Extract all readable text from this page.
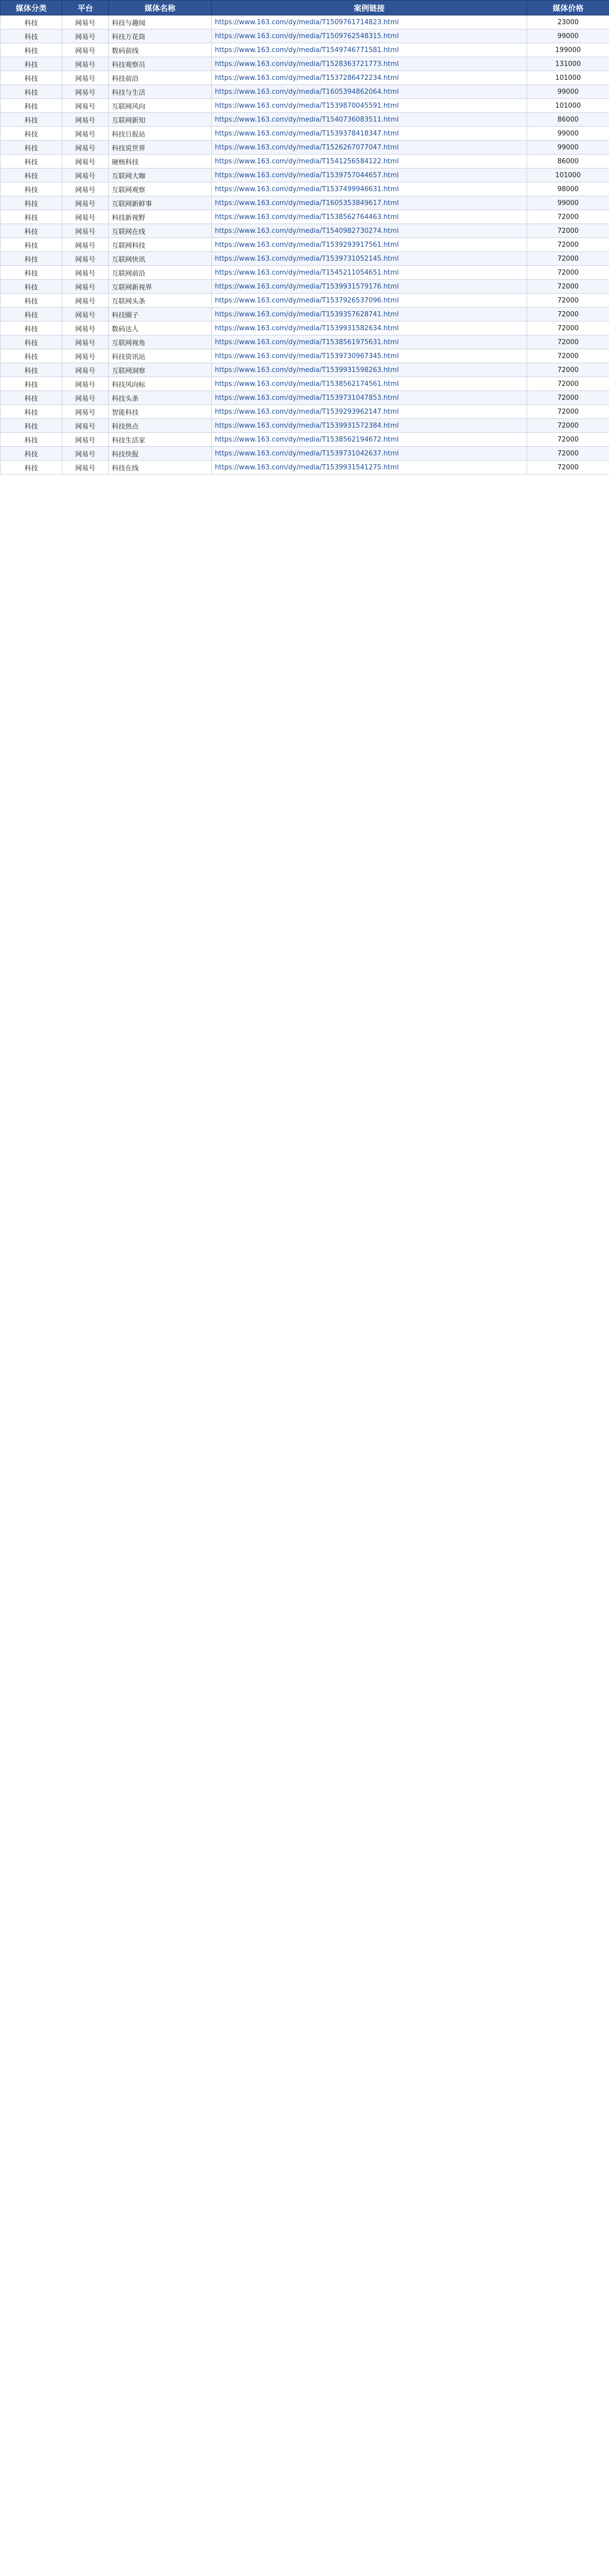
媒体分类	平台	媒体名称	案例链接	媒体价格
科技	网易号	科技与趣闻	https://www.163.com/dy/media/T1509761714823.html	23000
科技	网易号	科技万花筒	https://www.163.com/dy/media/T1509762548315.html	99000
科技	网易号	数码前线	https://www.163.com/dy/media/T1549746771581.html	199000
科技	网易号	科技观察员	https://www.163.com/dy/media/T1528363721773.html	131000
科技	网易号	科技前沿	https://www.163.com/dy/media/T1537286472234.html	101000
科技	网易号	科技与生活	https://www.163.com/dy/media/T1605394862064.html	99000
科技	网易号	互联网风向	https://www.163.com/dy/media/T1539870045591.html	101000
科技	网易号	互联网新知	https://www.163.com/dy/media/T1540736083511.html	86000
科技	网易号	科技日报站	https://www.163.com/dy/media/T1539378418347.html	99000
科技	网易号	科技说世界	https://www.163.com/dy/media/T1526267077047.html	99000
科技	网易号	硬核科技	https://www.163.com/dy/media/T1541256584122.html	86000
科技	网易号	互联网大咖	https://www.163.com/dy/media/T1539757044657.html	101000
科技	网易号	互联网观察	https://www.163.com/dy/media/T1537499946631.html	98000
科技	网易号	互联网新鲜事	https://www.163.com/dy/media/T1605353849617.html	99000
科技	网易号	科技新视野	https://www.163.com/dy/media/T1538562764463.html	72000
科技	网易号	互联网在线	https://www.163.com/dy/media/T1540982730274.html	72000
科技	网易号	互联网科技	https://www.163.com/dy/media/T1539293917561.html	72000
科技	网易号	互联网快讯	https://www.163.com/dy/media/T1539731052145.html	72000
科技	网易号	互联网前沿	https://www.163.com/dy/media/T1545211054651.html	72000
科技	网易号	互联网新视界	https://www.163.com/dy/media/T1539931579176.html	72000
科技	网易号	互联网头条	https://www.163.com/dy/media/T1537926537096.html	72000
科技	网易号	科技圈子	https://www.163.com/dy/media/T1539357628741.html	72000
科技	网易号	数码达人	https://www.163.com/dy/media/T1539931582634.html	72000
科技	网易号	互联网视角	https://www.163.com/dy/media/T1538561975631.html	72000
科技	网易号	科技资讯站	https://www.163.com/dy/media/T1539730967345.html	72000
科技	网易号	互联网洞察	https://www.163.com/dy/media/T1539931598263.html	72000
科技	网易号	科技风向标	https://www.163.com/dy/media/T1538562174561.html	72000
科技	网易号	科技头条	https://www.163.com/dy/media/T1539731047853.html	72000
科技	网易号	智能科技	https://www.163.com/dy/media/T1539293962147.html	72000
科技	网易号	科技热点	https://www.163.com/dy/media/T1539931572384.html	72000
科技	网易号	科技生活家	https://www.163.com/dy/media/T1538562194672.html	72000
科技	网易号	科技快报	https://www.163.com/dy/media/T1539731042637.html	72000
科技	网易号	科技在线	https://www.163.com/dy/media/T1539931541275.html	72000
